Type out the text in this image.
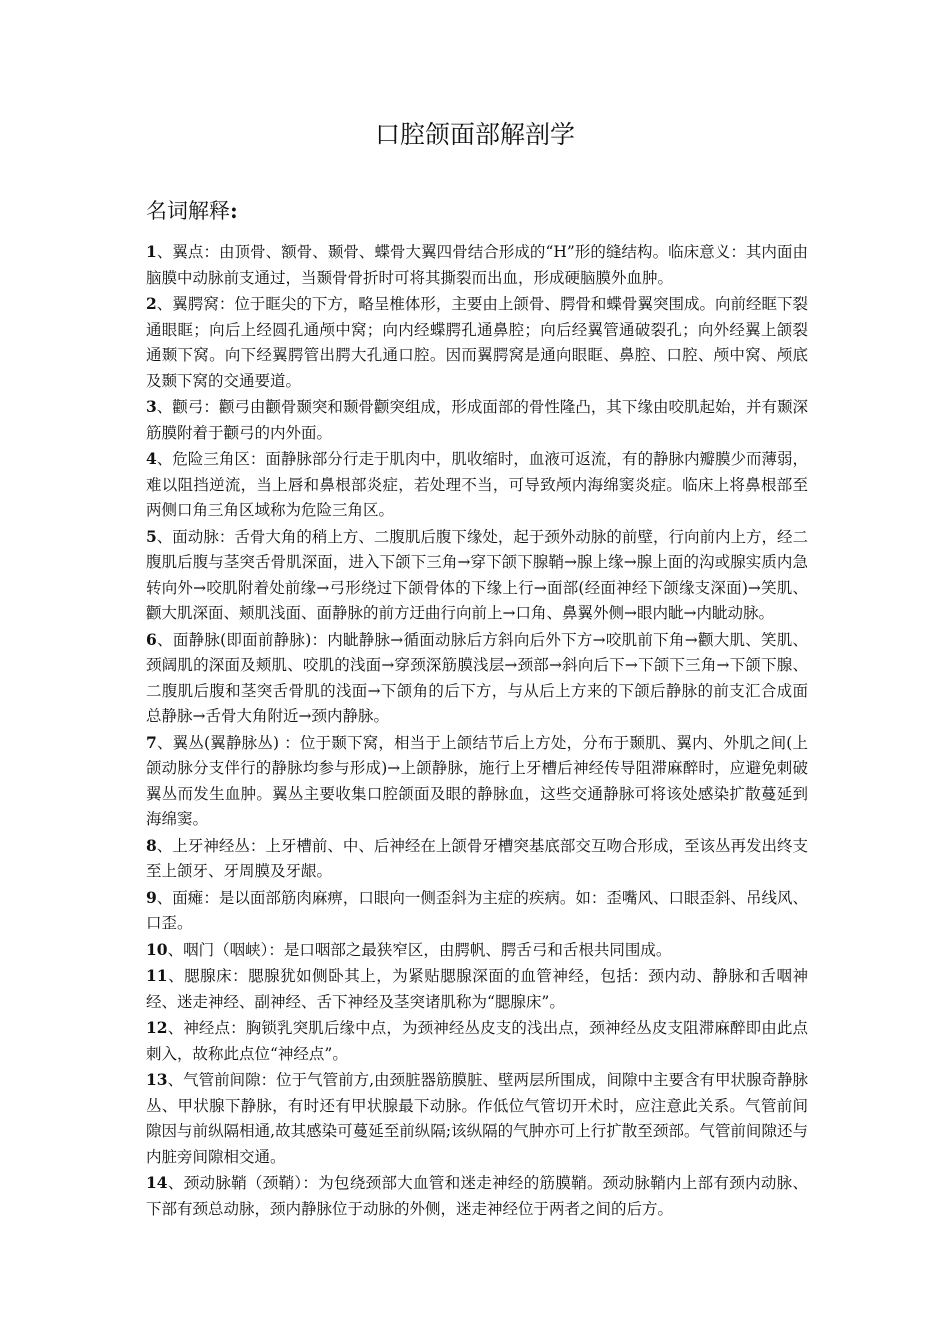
口腔颌面部解剖学
名词解释:
1、翼点：由顶骨、额骨、颞骨、蝶骨大翼四骨结合形成的“H”形的缝结构。临床意义：其内面由脑膜中动脉前支通过，当颞骨骨折时可将其撕裂而出血，形成硬脑膜外血肿。
2、翼腭窝：位于眶尖的下方，略呈椎体形，主要由上颌骨、腭骨和蝶骨翼突围成。向前经眶下裂通眼眶；向后上经圆孔通颅中窝；向内经蝶腭孔通鼻腔；向后经翼管通破裂孔；向外经翼上颌裂通颞下窝。向下经翼腭管出腭大孔通口腔。因而翼腭窝是通向眼眶、鼻腔、口腔、颅中窝、颅底及颞下窝的交通要道。
3、颧弓：颧弓由颧骨颞突和颞骨颧突组成，形成面部的骨性隆凸，其下缘由咬肌起始，并有颞深筋膜附着于颧弓的内外面。
4、危险三角区：面静脉部分行走于肌肉中，肌收缩时，血液可返流，有的静脉内瓣膜少而薄弱，难以阻挡逆流，当上唇和鼻根部炎症，若处理不当，可导致颅内海绵窦炎症。临床上将鼻根部至两侧口角三角区域称为危险三角区。
5、面动脉：舌骨大角的稍上方、二腹肌后腹下缘处，起于颈外动脉的前壁，行向前内上方，经二腹肌后腹与茎突舌骨肌深面，进入下颌下三角→穿下颌下腺鞘→腺上缘→腺上面的沟或腺实质内急转向外→咬肌附着处前缘→弓形绕过下颌骨体的下缘上行→面部(经面神经下颌缘支深面)→笑肌、颧大肌深面、颊肌浅面、面静脉的前方迂曲行向前上→口角、鼻翼外侧→眼内眦→内眦动脉。
6、面静脉(即面前静脉)：内眦静脉→循面动脉后方斜向后外下方→咬肌前下角→颧大肌、笑肌、颈阔肌的深面及颊肌、咬肌的浅面→穿颈深筋膜浅层→颈部→斜向后下→下颌下三角→下颌下腺、二腹肌后腹和茎突舌骨肌的浅面→下颌角的后下方，与从后上方来的下颌后静脉的前支汇合成面总静脉→舌骨大角附近→颈内静脉。
7、翼丛(翼静脉丛) ：位于颞下窝，相当于上颌结节后上方处，分布于颞肌、翼内、外肌之间(上颌动脉分支伴行的静脉均参与形成)→上颌静脉，施行上牙槽后神经传导阻滞麻醉时，应避免刺破翼丛而发生血肿。翼丛主要收集口腔颌面及眼的静脉血，这些交通静脉可将该处感染扩散蔓延到海绵窦。
8、上牙神经丛：上牙槽前、中、后神经在上颌骨牙槽突基底部交互吻合形成，至该丛再发出终支至上颌牙、牙周膜及牙龈。
9、面瘫：是以面部筋肉麻痹，口眼向一侧歪斜为主症的疾病。如：歪嘴风、口眼歪斜、吊线风、口歪。
10、咽门（咽峡）：是口咽部之最狭窄区，由腭帆、腭舌弓和舌根共同围成。
11、腮腺床：腮腺犹如侧卧其上，为紧贴腮腺深面的血管神经，包括：颈内动、静脉和舌咽神经、迷走神经、副神经、舌下神经及茎突诸肌称为“腮腺床”。
12、神经点：胸锁乳突肌后缘中点，为颈神经丛皮支的浅出点，颈神经丛皮支阻滞麻醉即由此点刺入，故称此点位“神经点”。
13、气管前间隙：位于气管前方,由颈脏器筋膜脏、壁两层所围成，间隙中主要含有甲状腺奇静脉丛、甲状腺下静脉，有时还有甲状腺最下动脉。作低位气管切开术时，应注意此关系。气管前间隙因与前纵隔相通,故其感染可蔓延至前纵隔;该纵隔的气肿亦可上行扩散至颈部。气管前间隙还与内脏旁间隙相交通。
14、颈动脉鞘（颈鞘）：为包绕颈部大血管和迷走神经的筋膜鞘。颈动脉鞘内上部有颈内动脉、下部有颈总动脉，颈内静脉位于动脉的外侧，迷走神经位于两者之间的后方。
